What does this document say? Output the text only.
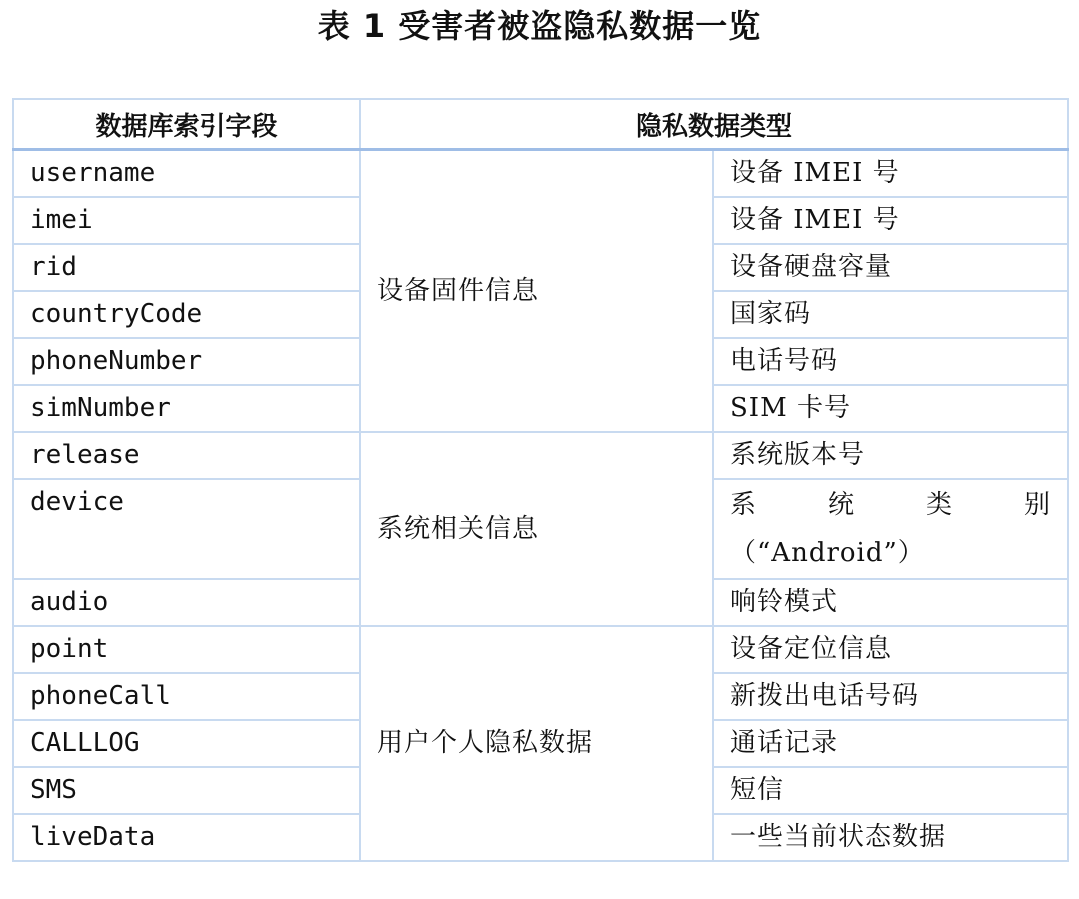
表 1 受害者被盗隐私数据一览
数据库索引字段	隐私数据类型	
username	设备固件信息	设备 IMEI 号
imei		设备 IMEI 号
rid		设备硬盘容量
countryCode		国家码
phoneNumber		电话号码
simNumber		SIM 卡号
release	系统相关信息	系统版本号
device		系 统 类 别
（“Android”）

audio		响铃模式
point	用户个人隐私数据	设备定位信息
phoneCall		新拨出电话号码
CALLLOG		通话记录
SMS		短信
liveData		一些当前状态数据
